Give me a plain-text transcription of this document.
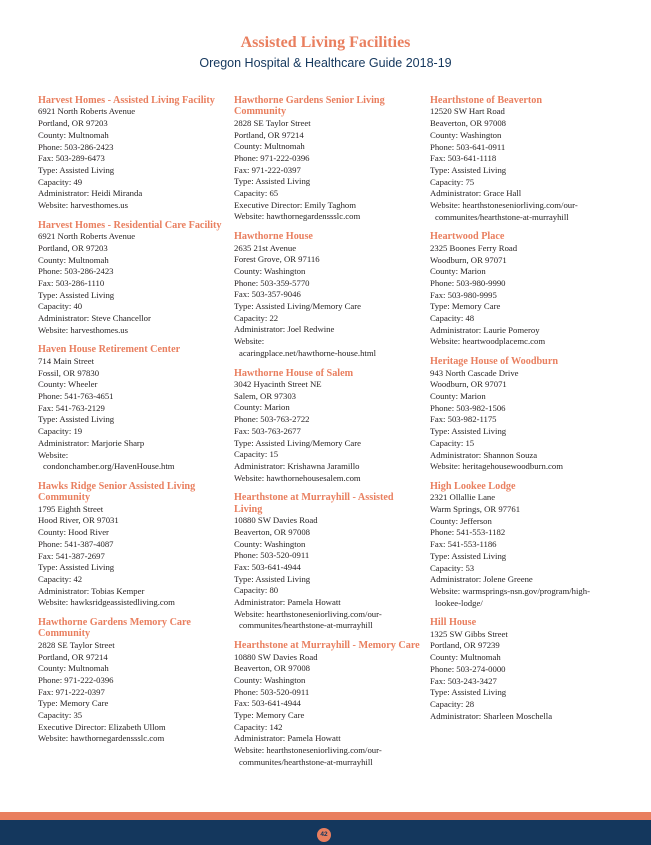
Assisted Living Facilities
Oregon Hospital & Healthcare Guide 2018-19
Harvest Homes - Assisted Living Facility
6921 North Roberts Avenue
Portland, OR 97203
County: Multnomah
Phone: 503-286-2423
Fax: 503-289-6473
Type: Assisted Living
Capacity: 49
Administrator: Heidi Miranda
Website: harvesthomes.us
Harvest Homes - Residential Care Facility
6921 North Roberts Avenue
Portland, OR 97203
County: Multnomah
Phone: 503-286-2423
Fax: 503-286-1110
Type: Assisted Living
Capacity: 40
Administrator: Steve Chancellor
Website: harvesthomes.us
Haven House Retirement Center
714 Main Street
Fossil, OR 97830
County: Wheeler
Phone: 541-763-4651
Fax: 541-763-2129
Type: Assisted Living
Capacity: 19
Administrator: Marjorie Sharp
Website:
condonchamber.org/HavenHouse.htm
Hawks Ridge Senior Assisted Living Community
1795 Eighth Street
Hood River, OR 97031
County: Hood River
Phone: 541-387-4087
Fax: 541-387-2697
Type: Assisted Living
Capacity: 42
Administrator: Tobias Kemper
Website: hawksridgeassistedliving.com
Hawthorne Gardens Memory Care Community
2828 SE Taylor Street
Portland, OR 97214
County: Multnomah
Phone: 971-222-0396
Fax: 971-222-0397
Type: Memory Care
Capacity: 35
Executive Director: Elizabeth Ullom
Website: hawthornegardenssslc.com
Hawthorne Gardens Senior Living Community
2828 SE Taylor Street
Portland, OR 97214
County: Multnomah
Phone: 971-222-0396
Fax: 971-222-0397
Type: Assisted Living
Capacity: 65
Executive Director: Emily Taghom
Website: hawthornegardenssslc.com
Hawthorne House
2635 21st Avenue
Forest Grove, OR 97116
County: Washington
Phone: 503-359-5770
Fax: 503-357-9046
Type: Assisted Living/Memory Care
Capacity: 22
Administrator: Joel Redwine
Website:
acaringplace.net/hawthorne-house.html
Hawthorne House of Salem
3042 Hyacinth Street NE
Salem, OR 97303
County: Marion
Phone: 503-763-2722
Fax: 503-763-2677
Type: Assisted Living/Memory Care
Capacity: 15
Administrator: Krishawna Jaramillo
Website: hawthornehousesalem.com
Hearthstone at Murrayhill - Assisted Living
10880 SW Davies Road
Beaverton, OR 97008
County: Washington
Phone: 503-520-0911
Fax: 503-641-4944
Type: Assisted Living
Capacity: 80
Administrator: Pamela Howatt
Website: hearthstoneseniorliving.com/our-
communites/hearthstone-at-murrayhill
Hearthstone at Murrayhill - Memory Care
10880 SW Davies Road
Beaverton, OR 97008
County: Washington
Phone: 503-520-0911
Fax: 503-641-4944
Type: Memory Care
Capacity: 142
Administrator: Pamela Howatt
Website: hearthstoneseniorliving.com/our-
communites/hearthstone-at-murrayhill
Hearthstone of Beaverton
12520 SW Hart Road
Beaverton, OR 97008
County: Washington
Phone: 503-641-0911
Fax: 503-641-1118
Type: Assisted Living
Capacity: 75
Administrator: Grace Hall
Website: hearthstoneseniorliving.com/our-
communites/hearthstone-at-murrayhill
Heartwood Place
2325 Boones Ferry Road
Woodburn, OR 97071
County: Marion
Phone: 503-980-9990
Fax: 503-980-9995
Type: Memory Care
Capacity: 48
Administrator: Laurie Pomeroy
Website: heartwoodplacemc.com
Heritage House of Woodburn
943 North Cascade Drive
Woodburn, OR 97071
County: Marion
Phone: 503-982-1506
Fax: 503-982-1175
Type: Assisted Living
Capacity: 15
Administrator: Shannon Souza
Website: heritagehousewoodburn.com
High Lookee Lodge
2321 Ollallie Lane
Warm Springs, OR 97761
County: Jefferson
Phone: 541-553-1182
Fax: 541-553-1186
Type: Assisted Living
Capacity: 53
Administrator: Jolene Greene
Website: warmsprings-nsn.gov/program/high-
lookee-lodge/
Hill House
1325 SW Gibbs Street
Portland, OR 97239
County: Multnomah
Phone: 503-274-0000
Fax: 503-243-3427
Type: Assisted Living
Capacity: 28
Administrator: Sharleen Moschella
42
